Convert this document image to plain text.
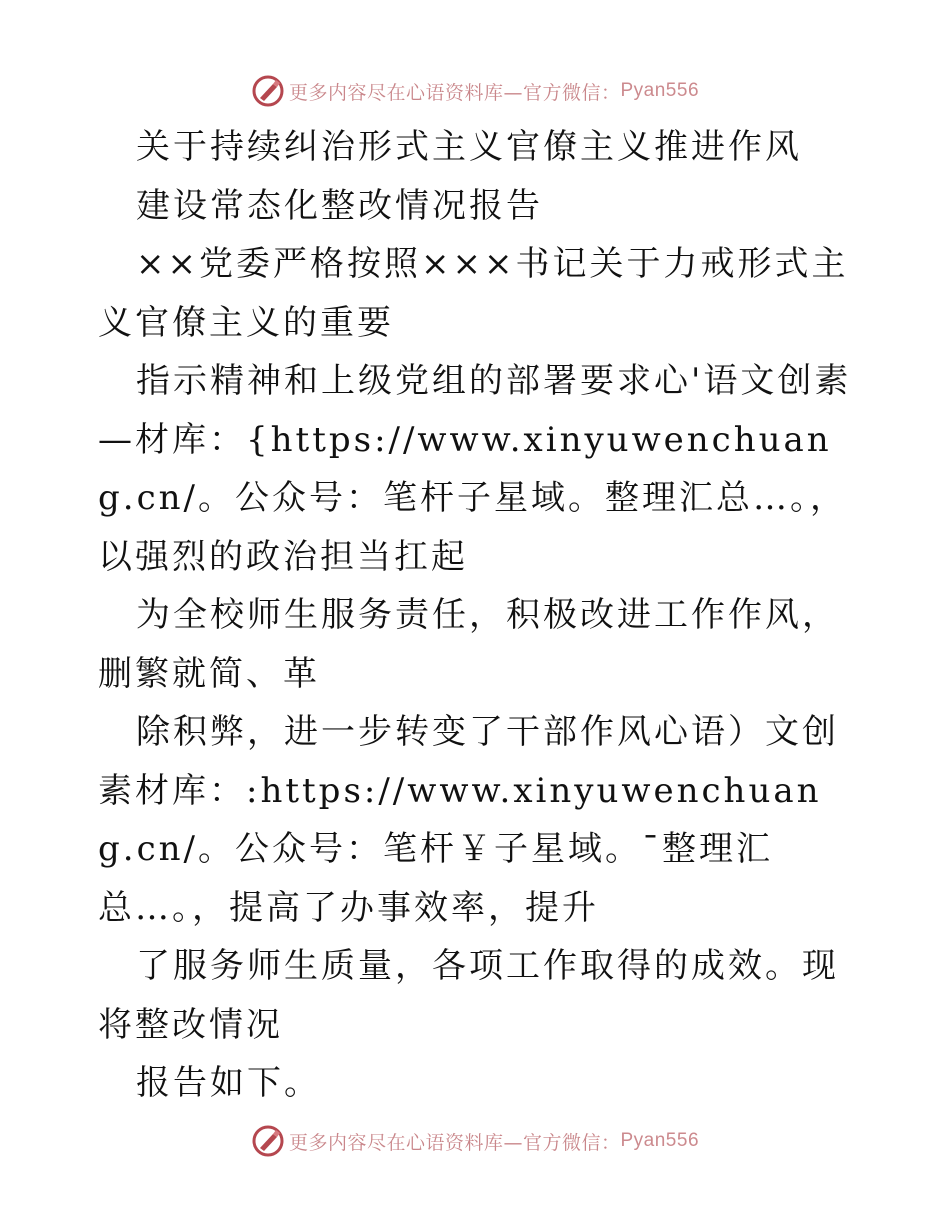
更多内容尽在心语资料库—官方微信： Pyan556

关于持续纠治形式主义官僚主义推进作风

建设常态化整改情况报告

××党委严格按照×××书记关于力戒形式主义官僚主义的重要

指示精神和上级党组的部署要求心'语文创素—材库：{https://www.xinyuwenchuang.cn/。公众号：笔杆子星域。整理汇总…。，以强烈的政治担当扛起

为全校师生服务责任，积极改进工作作风，删繁就简、革

除积弊，进一步转变了干部作风心语）文创素材库：:https://www.xinyuwenchuang.cn/。公众号：笔杆￥子星域。¯整理汇总…。，提高了办事效率，提升

了服务师生质量，各项工作取得的成效。现将整改情况

报告如下。

更多内容尽在心语资料库—官方微信： Pyan556
